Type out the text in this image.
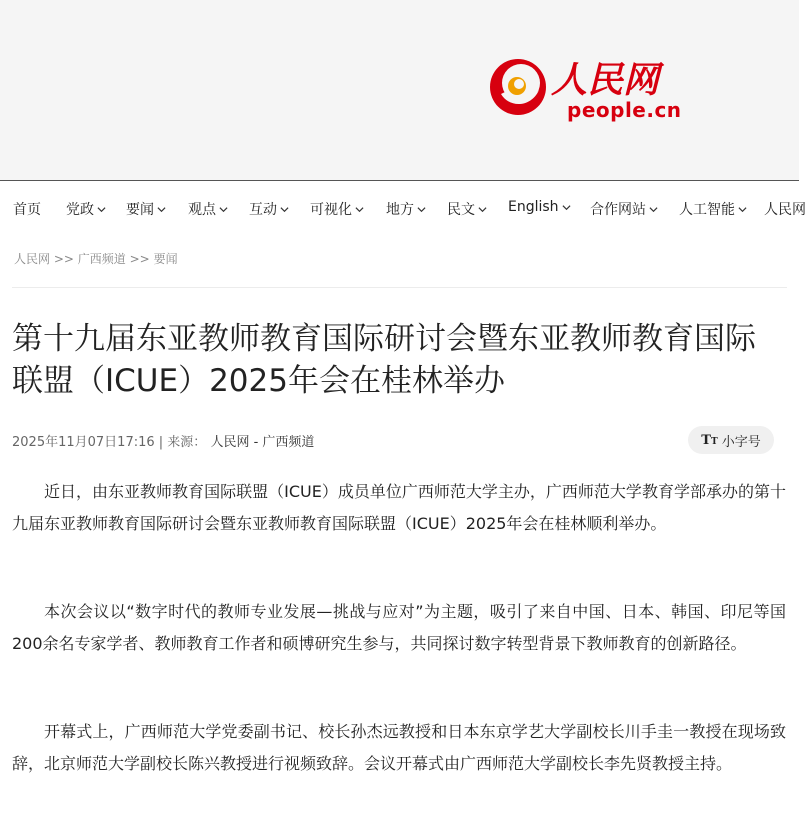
人民网
people.cn
首页 党政 要闻 观点 互动 可视化 地方 民文 English 合作网站 人工智能 人民网
人民网 >> 广西频道 >> 要闻
第十九届东亚教师教育国际研讨会暨东亚教师教育国际联盟（ICUE）2025年会在桂林举办
2025年11月07日17:16 | 来源： 人民网 - 广西频道	TT 小字号

近日，由东亚教师教育国际联盟（ICUE）成员单位广西师范大学主办，广西师范大学教育学部承办的第十九届东亚教师教育国际研讨会暨东亚教师教育国际联盟（ICUE）2025年会在桂林顺利举办。

本次会议以“数字时代的教师专业发展—挑战与应对”为主题，吸引了来自中国、日本、韩国、印尼等国200余名专家学者、教师教育工作者和硕博研究生参与，共同探讨数字转型背景下教师教育的创新路径。

开幕式上，广西师范大学党委副书记、校长孙杰远教授和日本东京学艺大学副校长川手圭一教授在现场致辞，北京师范大学副校长陈兴教授进行视频致辞。会议开幕式由广西师范大学副校长李先贤教授主持。
